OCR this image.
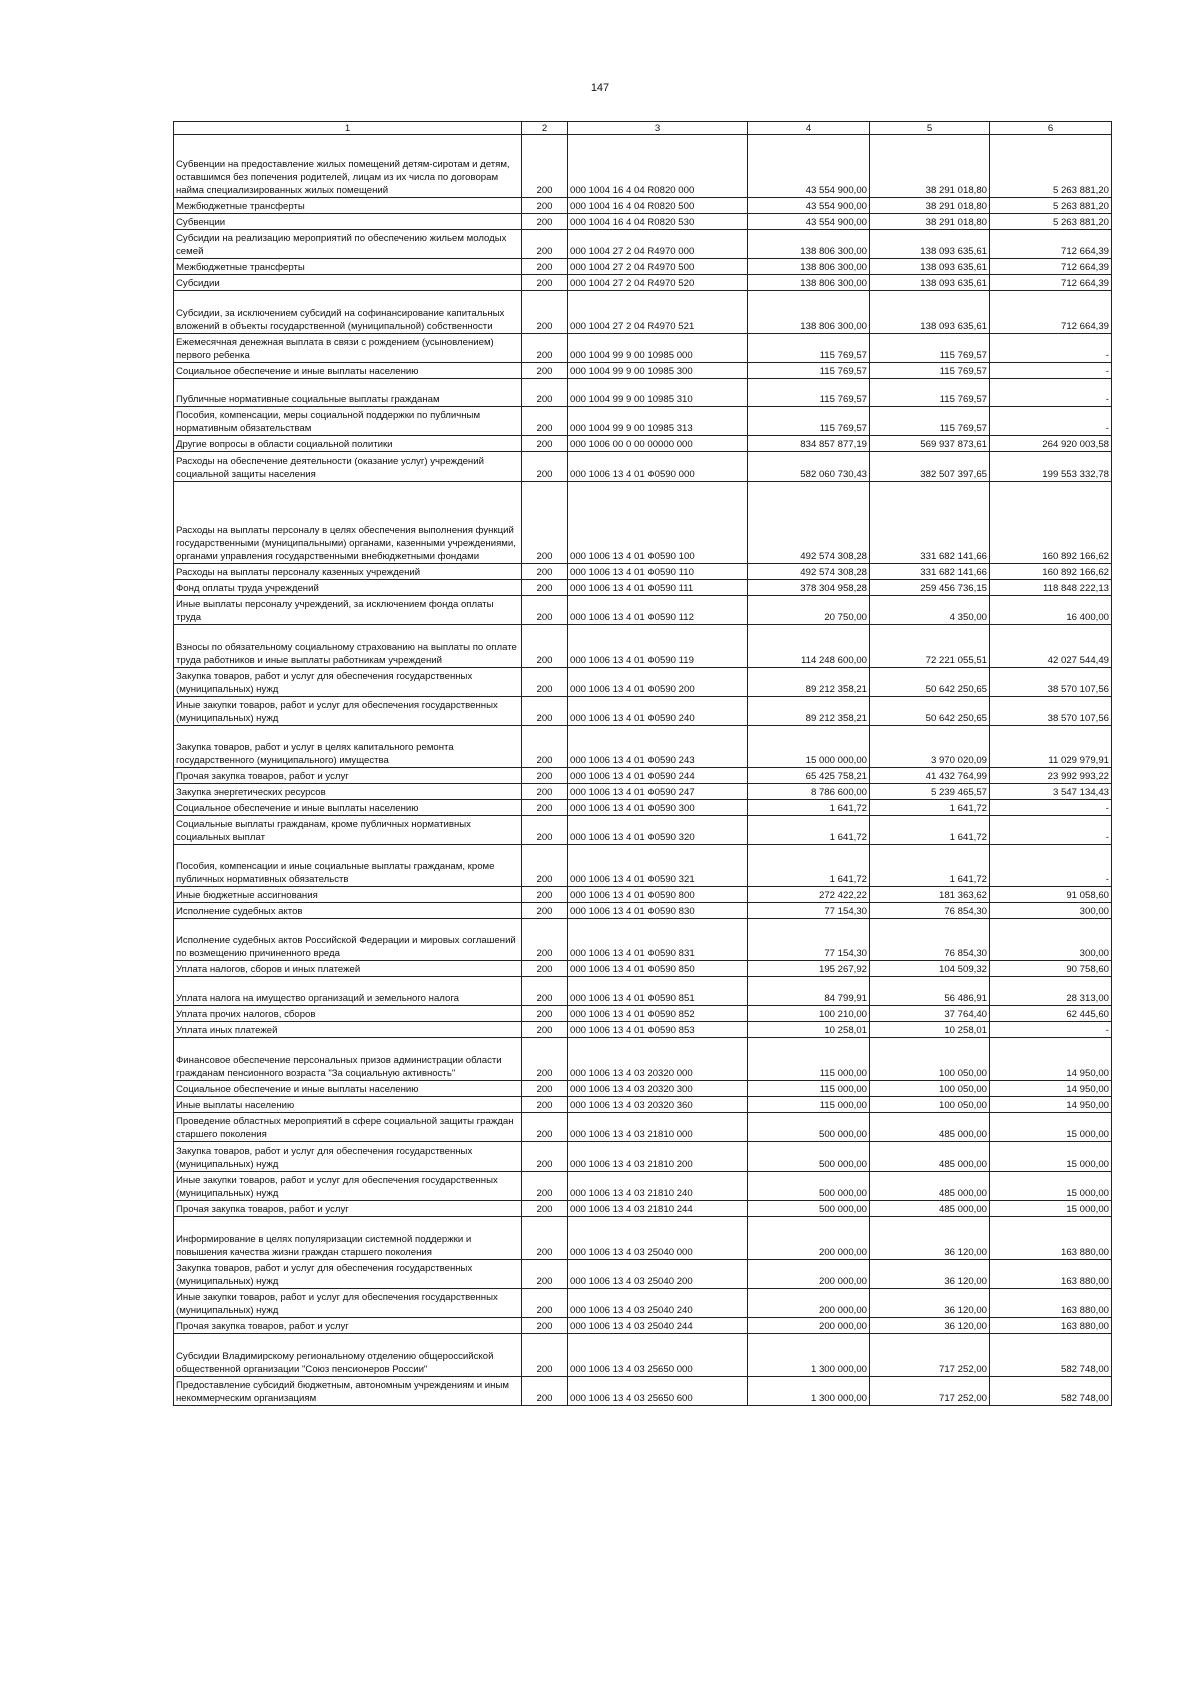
147
1	2	3	4	5	6
Субвенции на предоставление жилых помещений детям-сиротам и детям, оставшимся без попечения родителей, лицам из их числа по договорам найма специализированных жилых помещений	200	000 1004 16 4 04 R0820 000	43 554 900,00	38 291 018,80	5 263 881,20
Межбюджетные трансферты	200	000 1004 16 4 04 R0820 500	43 554 900,00	38 291 018,80	5 263 881,20
Субвенции	200	000 1004 16 4 04 R0820 530	43 554 900,00	38 291 018,80	5 263 881,20
Субсидии на реализацию мероприятий по обеспечению жильем молодых семей	200	000 1004 27 2 04 R4970 000	138 806 300,00	138 093 635,61	712 664,39
Межбюджетные трансферты	200	000 1004 27 2 04 R4970 500	138 806 300,00	138 093 635,61	712 664,39
Субсидии	200	000 1004 27 2 04 R4970 520	138 806 300,00	138 093 635,61	712 664,39
Субсидии, за исключением субсидий на софинансирование капитальных вложений в объекты государственной (муниципальной) собственности	200	000 1004 27 2 04 R4970 521	138 806 300,00	138 093 635,61	712 664,39
Ежемесячная денежная выплата в связи с рождением (усыновлением) первого ребенка	200	000 1004 99 9 00 10985 000	115 769,57	115 769,57	-
Социальное обеспечение и иные выплаты населению	200	000 1004 99 9 00 10985 300	115 769,57	115 769,57	-
Публичные нормативные социальные выплаты гражданам	200	000 1004 99 9 00 10985 310	115 769,57	115 769,57	-
Пособия, компенсации, меры социальной поддержки по публичным нормативным обязательствам	200	000 1004 99 9 00 10985 313	115 769,57	115 769,57	-
Другие вопросы в области социальной политики	200	000 1006 00 0 00 00000 000	834 857 877,19	569 937 873,61	264 920 003,58
Расходы на обеспечение деятельности (оказание услуг) учреждений социальной защиты населения	200	000 1006 13 4 01 Ф0590 000	582 060 730,43	382 507 397,65	199 553 332,78
Расходы на выплаты персоналу в целях обеспечения выполнения функций государственными (муниципальными) органами, казенными учреждениями, органами управления государственными внебюджетными фондами	200	000 1006 13 4 01 Ф0590 100	492 574 308,28	331 682 141,66	160 892 166,62
Расходы на выплаты персоналу казенных учреждений	200	000 1006 13 4 01 Ф0590 110	492 574 308,28	331 682 141,66	160 892 166,62
Фонд оплаты труда учреждений	200	000 1006 13 4 01 Ф0590 111	378 304 958,28	259 456 736,15	118 848 222,13
Иные выплаты персоналу учреждений, за исключением фонда оплаты труда	200	000 1006 13 4 01 Ф0590 112	20 750,00	4 350,00	16 400,00
Взносы по обязательному социальному страхованию на выплаты по оплате труда работников и иные выплаты работникам учреждений	200	000 1006 13 4 01 Ф0590 119	114 248 600,00	72 221 055,51	42 027 544,49
Закупка товаров, работ и услуг для обеспечения государственных (муниципальных) нужд	200	000 1006 13 4 01 Ф0590 200	89 212 358,21	50 642 250,65	38 570 107,56
Иные закупки товаров, работ и услуг для обеспечения государственных (муниципальных) нужд	200	000 1006 13 4 01 Ф0590 240	89 212 358,21	50 642 250,65	38 570 107,56
Закупка товаров, работ и услуг в целях капитального ремонта государственного (муниципального) имущества	200	000 1006 13 4 01 Ф0590 243	15 000 000,00	3 970 020,09	11 029 979,91
Прочая закупка товаров, работ и услуг	200	000 1006 13 4 01 Ф0590 244	65 425 758,21	41 432 764,99	23 992 993,22
Закупка энергетических ресурсов	200	000 1006 13 4 01 Ф0590 247	8 786 600,00	5 239 465,57	3 547 134,43
Социальное обеспечение и иные выплаты населению	200	000 1006 13 4 01 Ф0590 300	1 641,72	1 641,72	-
Социальные выплаты гражданам, кроме публичных нормативных социальных выплат	200	000 1006 13 4 01 Ф0590 320	1 641,72	1 641,72	-
Пособия, компенсации и иные социальные выплаты гражданам, кроме публичных нормативных обязательств	200	000 1006 13 4 01 Ф0590 321	1 641,72	1 641,72	-
Иные бюджетные ассигнования	200	000 1006 13 4 01 Ф0590 800	272 422,22	181 363,62	91 058,60
Исполнение судебных актов	200	000 1006 13 4 01 Ф0590 830	77 154,30	76 854,30	300,00
Исполнение судебных актов Российской Федерации и мировых соглашений по возмещению причиненного вреда	200	000 1006 13 4 01 Ф0590 831	77 154,30	76 854,30	300,00
Уплата налогов, сборов и иных платежей	200	000 1006 13 4 01 Ф0590 850	195 267,92	104 509,32	90 758,60
Уплата налога на имущество организаций и земельного налога	200	000 1006 13 4 01 Ф0590 851	84 799,91	56 486,91	28 313,00
Уплата прочих налогов, сборов	200	000 1006 13 4 01 Ф0590 852	100 210,00	37 764,40	62 445,60
Уплата иных платежей	200	000 1006 13 4 01 Ф0590 853	10 258,01	10 258,01	-
Финансовое обеспечение персональных призов администрации области гражданам пенсионного возраста "За социальную активность"	200	000 1006 13 4 03 20320 000	115 000,00	100 050,00	14 950,00
Социальное обеспечение и иные выплаты населению	200	000 1006 13 4 03 20320 300	115 000,00	100 050,00	14 950,00
Иные выплаты населению	200	000 1006 13 4 03 20320 360	115 000,00	100 050,00	14 950,00
Проведение областных мероприятий в сфере социальной защиты граждан старшего поколения	200	000 1006 13 4 03 21810 000	500 000,00	485 000,00	15 000,00
Закупка товаров, работ и услуг для обеспечения государственных (муниципальных) нужд	200	000 1006 13 4 03 21810 200	500 000,00	485 000,00	15 000,00
Иные закупки товаров, работ и услуг для обеспечения государственных (муниципальных) нужд	200	000 1006 13 4 03 21810 240	500 000,00	485 000,00	15 000,00
Прочая закупка товаров, работ и услуг	200	000 1006 13 4 03 21810 244	500 000,00	485 000,00	15 000,00
Информирование в целях популяризации системной поддержки и повышения качества жизни граждан старшего поколения	200	000 1006 13 4 03 25040 000	200 000,00	36 120,00	163 880,00
Закупка товаров, работ и услуг для обеспечения государственных (муниципальных) нужд	200	000 1006 13 4 03 25040 200	200 000,00	36 120,00	163 880,00
Иные закупки товаров, работ и услуг для обеспечения государственных (муниципальных) нужд	200	000 1006 13 4 03 25040 240	200 000,00	36 120,00	163 880,00
Прочая закупка товаров, работ и услуг	200	000 1006 13 4 03 25040 244	200 000,00	36 120,00	163 880,00
Субсидии Владимирскому региональному отделению общероссийской общественной организации "Союз пенсионеров России"	200	000 1006 13 4 03 25650 000	1 300 000,00	717 252,00	582 748,00
Предоставление субсидий бюджетным, автономным учреждениям и иным некоммерческим организациям	200	000 1006 13 4 03 25650 600	1 300 000,00	717 252,00	582 748,00
